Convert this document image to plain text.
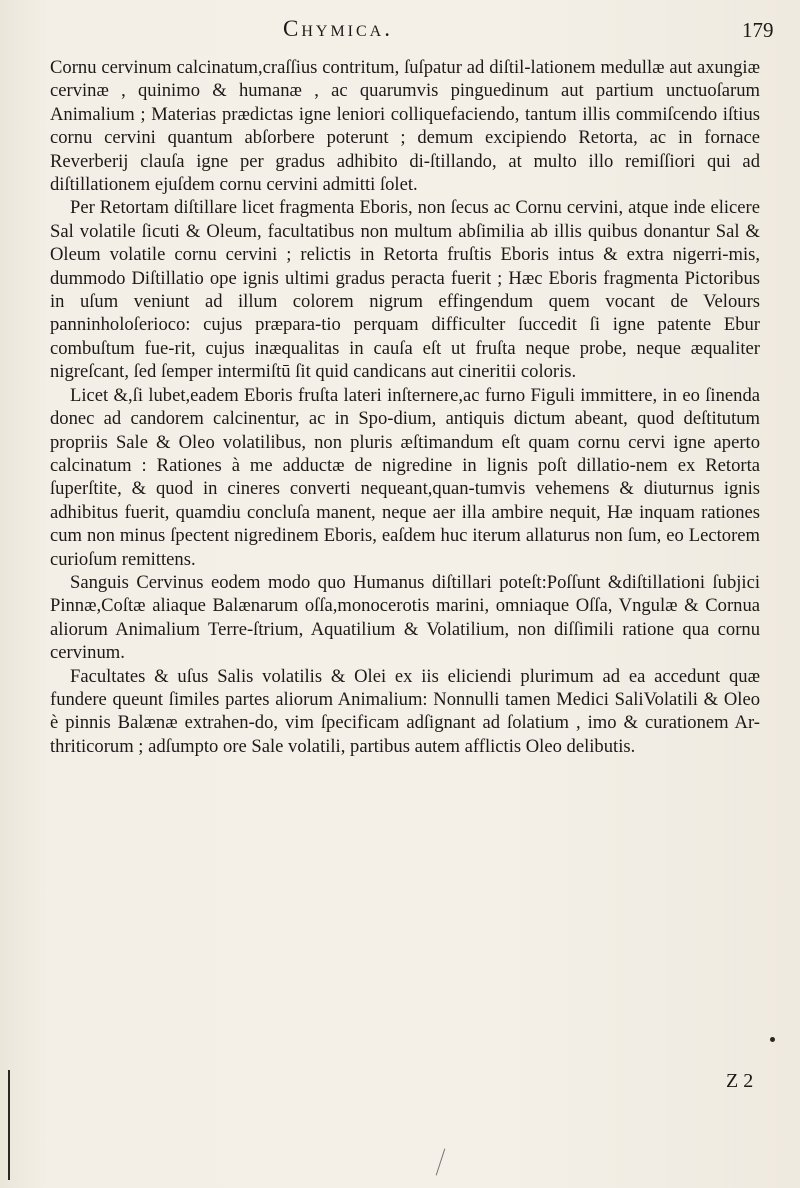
Chymica.	179

Cornu cervinum calcinatum,craſſius contritum, ſuſpatur ad diſtil-lationem medullæ aut axungiæ cervinæ , quinimo & humanæ , ac quarumvis pinguedinum aut partium unctuoſarum Animalium ; Materias prædictas igne leniori colliquefaciendo, tantum illis commiſcendo iſtius cornu cervini quantum abſorbere poterunt ; demum excipiendo Retorta, ac in fornace Reverberij clauſa igne per gradus adhibito di-ſtillando, at multo illo remiſſiori qui ad diſtillationem ejuſdem cornu cervini admitti ſolet.

Per Retortam diſtillare licet fragmenta Eboris, non ſecus ac Cornu cervini, atque inde elicere Sal volatile ſicuti & Oleum, facultatibus non multum abſimilia ab illis quibus donantur Sal & Oleum volatile cornu cervini ; relictis in Retorta fruſtis Eboris intus & extra nigerri-mis, dummodo Diſtillatio ope ignis ultimi gradus peracta fuerit ; Hæc Eboris fragmenta Pictoribus in uſum veniunt ad illum colorem nigrum effingendum quem vocant de Velours panninholoſerioco: cujus præpara-tio perquam difficulter ſuccedit ſi igne patente Ebur combuſtum fue-rit, cujus inæqualitas in cauſa eſt ut fruſta neque probe, neque æqualiter nigreſcant, ſed ſemper intermiſtū ſit quid candicans aut cineritii coloris.

Licet &,ſi lubet,eadem Eboris fruſta lateri inſternere,ac furno Figuli immittere, in eo ſinenda donec ad candorem calcinentur, ac in Spo-dium, antiquis dictum abeant, quod deſtitutum propriis Sale & Oleo volatilibus, non pluris æſtimandum eſt quam cornu cervi igne aperto calcinatum : Rationes à me adductæ de nigredine in lignis poſt dillatio-nem ex Retorta ſuperſtite, & quod in cineres converti nequeant,quan-tumvis vehemens & diuturnus ignis adhibitus fuerit, quamdiu concluſa manent, neque aer illa ambire nequit, Hæ inquam rationes cum non minus ſpectent nigredinem Eboris, eaſdem huc iterum allaturus non ſum, eo Lectorem curioſum remittens.

Sanguis Cervinus eodem modo quo Humanus diſtillari poteſt:Poſſunt &diſtillationi ſubjici Pinnæ,Coſtæ aliaque Balænarum oſſa,monocerotis marini, omniaque Oſſa, Vngulæ & Cornua aliorum Animalium Terre-ſtrium, Aquatilium & Volatilium, non diſſimili ratione qua cornu cervinum.

Facultates & uſus Salis volatilis & Olei ex iis eliciendi plurimum ad ea accedunt quæ fundere queunt ſimiles partes aliorum Animalium: Nonnulli tamen Medici SaliVolatili & Oleo è pinnis Balænæ extrahen-do, vim ſpecificam adſignant ad ſolatium , imo & curationem Ar-thriticorum ; adſumpto ore Sale volatili, partibus autem afflictis Oleo delibutis.

Z 2
